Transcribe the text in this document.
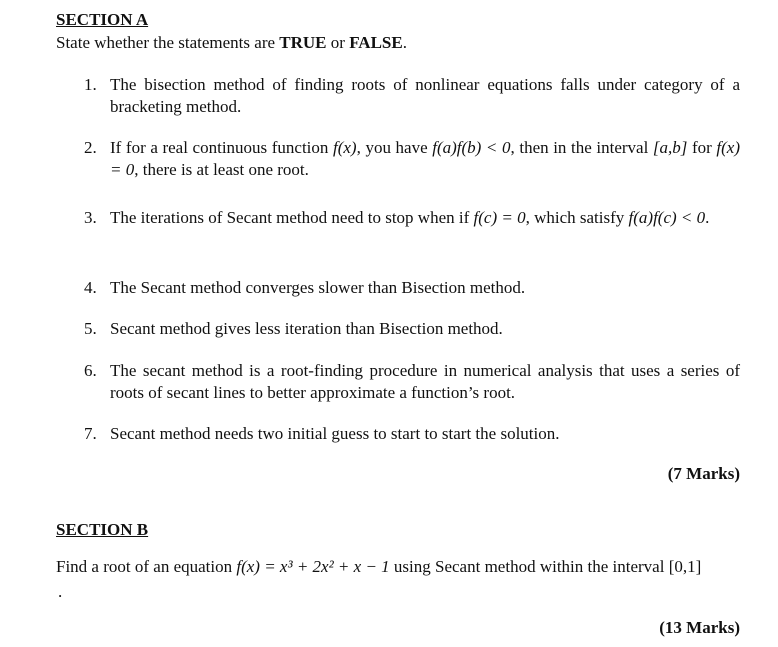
SECTION A
State whether the statements are TRUE or FALSE.
1. The bisection method of finding roots of nonlinear equations falls under category of a bracketing method.
2. If for a real continuous function f(x), you have f(a)f(b) < 0, then in the interval [a,b] for f(x) = 0, there is at least one root.
3. The iterations of Secant method need to stop when if f(c) = 0, which satisfy f(a)f(c) < 0.
4. The Secant method converges slower than Bisection method.
5. Secant method gives less iteration than Bisection method.
6. The secant method is a root-finding procedure in numerical analysis that uses a series of roots of secant lines to better approximate a function’s root.
7. Secant method needs two initial guess to start to start the solution.
(7 Marks)
SECTION B
Find a root of an equation f(x) = x³ + 2x² + x − 1 using Secant method within the interval [0,1]
.
(13 Marks)
